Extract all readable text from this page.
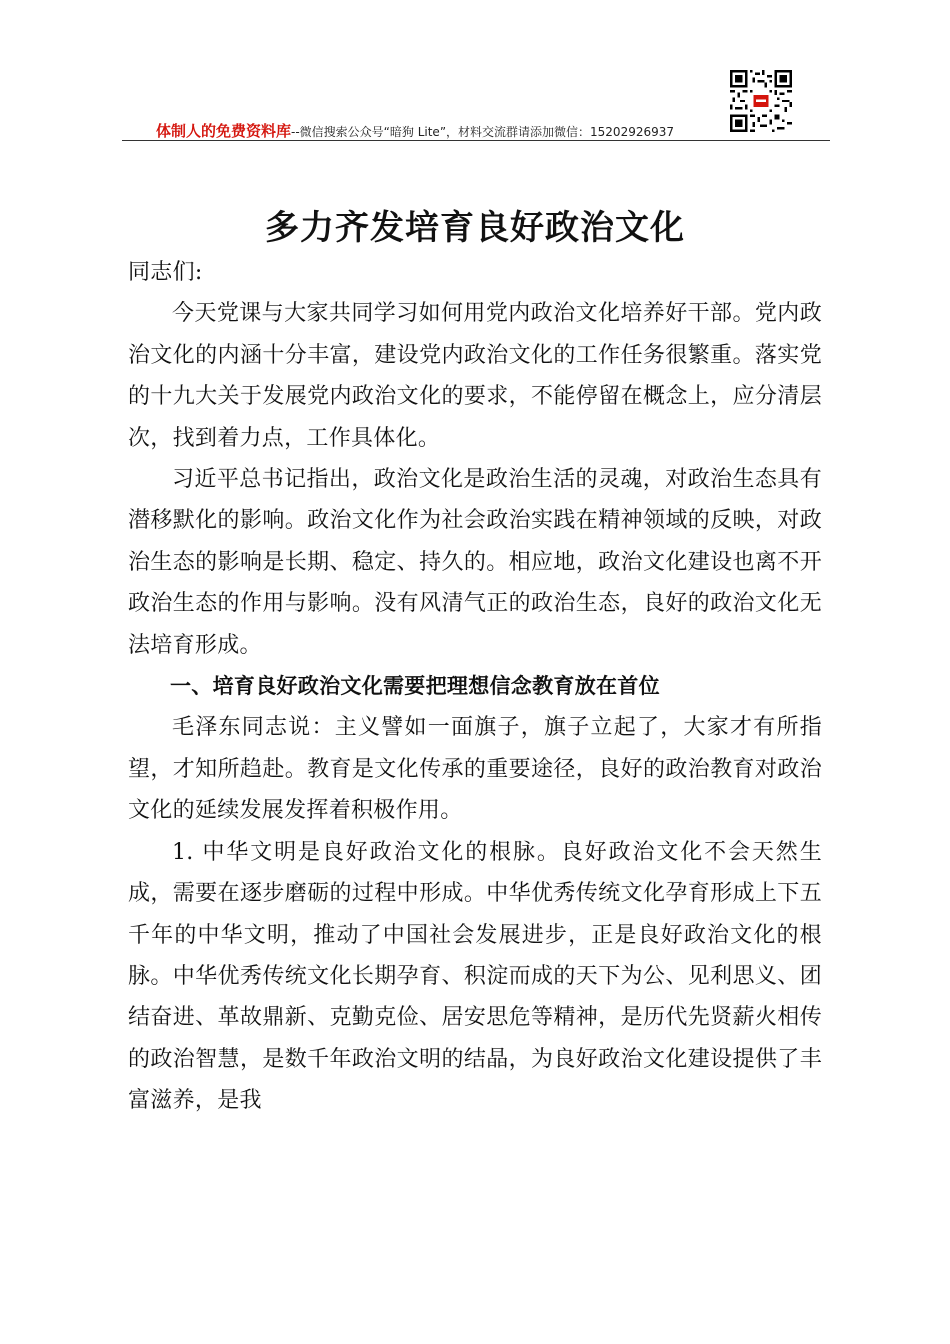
体制人的免费资料库--微信搜索公众号“暗狗 Lite”，材料交流群请添加微信：15202926937
多力齐发培育良好政治文化

同志们:

今天党课与大家共同学习如何用党内政治文化培养好干部。党内政治文化的内涵十分丰富，建设党内政治文化的工作任务很繁重。落实党的十九大关于发展党内政治文化的要求，不能停留在概念上，应分清层次，找到着力点，工作具体化。

习近平总书记指出，政治文化是政治生活的灵魂，对政治生态具有潜移默化的影响。政治文化作为社会政治实践在精神领域的反映，对政治生态的影响是长期、稳定、持久的。相应地，政治文化建设也离不开政治生态的作用与影响。没有风清气正的政治生态，良好的政治文化无法培育形成。

一、培育良好政治文化需要把理想信念教育放在首位

毛泽东同志说：主义譬如一面旗子，旗子立起了，大家才有所指望，才知所趋赴。教育是文化传承的重要途径，良好的政治教育对政治文化的延续发展发挥着积极作用。

1. 中华文明是良好政治文化的根脉。良好政治文化不会天然生成，需要在逐步磨砺的过程中形成。中华优秀传统文化孕育形成上下五千年的中华文明，推动了中国社会发展进步，正是良好政治文化的根脉。中华优秀传统文化长期孕育、积淀而成的天下为公、见利思义、团结奋进、革故鼎新、克勤克俭、居安思危等精神，是历代先贤薪火相传的政治智慧，是数千年政治文明的结晶，为良好政治文化建设提供了丰富滋养，是我
